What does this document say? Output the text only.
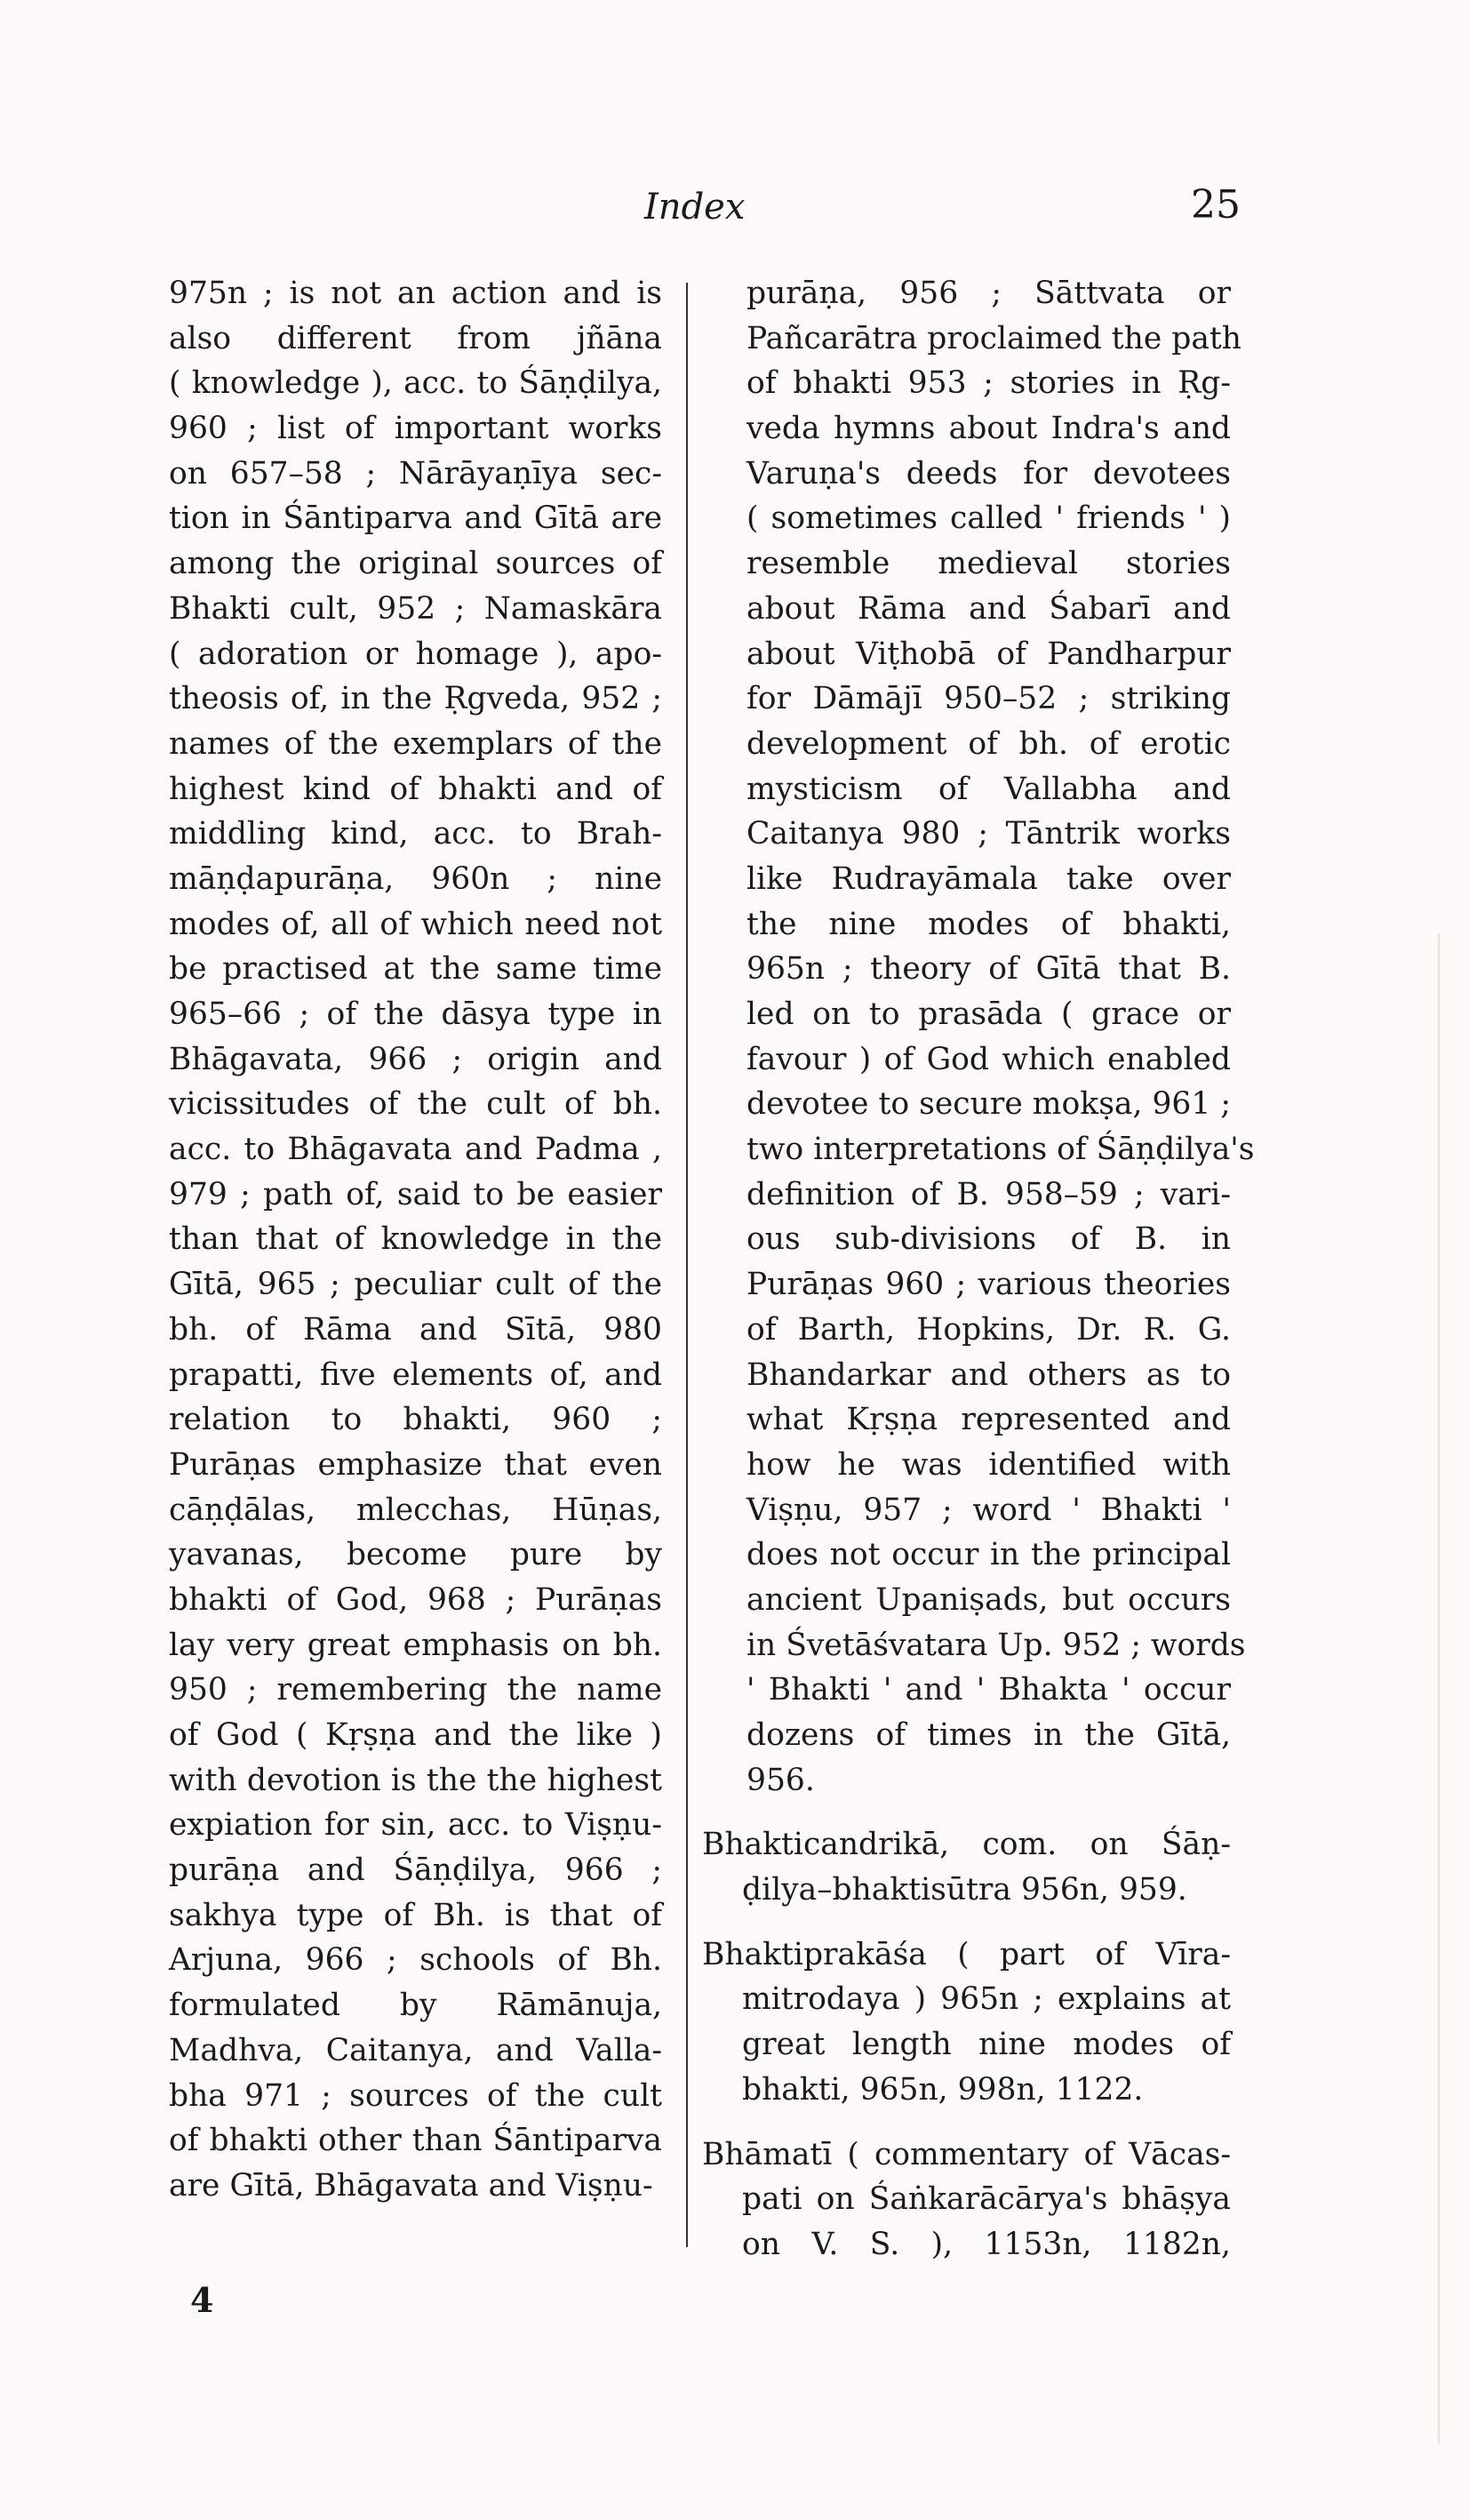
Index	25
975n ; is not an action and is
also different from jñāna
( knowledge ), acc. to Śāṇḍilya,
960 ; list of important works
on 657–58 ; Nārāyaṇīya sec-
tion in Śāntiparva and Gītā are
among the original sources of
Bhakti cult, 952 ; Namaskāra
( adoration or homage ), apo-
theosis of, in the Ṛgveda, 952 ;
names of the exemplars of the
highest kind of bhakti and of
middling kind, acc. to Brah-
māṇḍapurāṇa, 960n ; nine
modes of, all of which need not
be practised at the same time
965–66 ; of the dāsya type in
Bhāgavata, 966 ; origin and
vicissitudes of the cult of bh.
acc. to Bhāgavata and Padma ,
979 ; path of, said to be easier
than that of knowledge in the
Gītā, 965 ; peculiar cult of the
bh. of Rāma and Sītā, 980
prapatti, five elements of, and
relation to bhakti, 960 ;
Purāṇas emphasize that even
cāṇḍālas, mlecchas, Hūṇas,
yavanas, become pure by
bhakti of God, 968 ; Purāṇas
lay very great emphasis on bh.
950 ; remembering the name
of God ( Kṛṣṇa and the like )
with devotion is the the highest
expiation for sin, acc. to Viṣṇu-
purāṇa and Śāṇḍilya, 966 ;
sakhya type of Bh. is that of
Arjuna, 966 ; schools of Bh.
formulated by Rāmānuja,
Madhva, Caitanya, and Valla-
bha 971 ; sources of the cult
of bhakti other than Śāntiparva
are Gītā, Bhāgavata and Viṣṇu-
purāṇa, 956 ; Sāttvata or
Pañcarātra proclaimed the path
of bhakti 953 ; stories in Ṛg-
veda hymns about Indra's and
Varuṇa's deeds for devotees
( sometimes called ' friends ' )
resemble medieval stories
about Rāma and Śabarī and
about Viṭhobā of Pandharpur
for Dāmājī 950–52 ; striking
development of bh. of erotic
mysticism of Vallabha and
Caitanya 980 ; Tāntrik works
like Rudrayāmala take over
the nine modes of bhakti,
965n ; theory of Gītā that B.
led on to prasāda ( grace or
favour ) of God which enabled
devotee to secure mokṣa, 961 ;
two interpretations of Śāṇḍilya's
definition of B. 958–59 ; vari-
ous sub-divisions of B. in
Purāṇas 960 ; various theories
of Barth, Hopkins, Dr. R. G.
Bhandarkar and others as to
what Kṛṣṇa represented and
how he was identified with
Viṣṇu, 957 ; word ' Bhakti '
does not occur in the principal
ancient Upaniṣads, but occurs
in Śvetāśvatara Up. 952 ; words
' Bhakti ' and ' Bhakta ' occur
dozens of times in the Gītā,
956.
Bhakticandrikā, com. on Śāṇ-
ḍilya–bhaktisūtra 956n, 959.
Bhaktiprakāśa ( part of Vīra-
mitrodaya ) 965n ; explains at
great length nine modes of
bhakti, 965n, 998n, 1122.
Bhāmatī ( commentary of Vācas-
pati on Śaṅkarācārya's bhāṣya
on V. S. ), 1153n, 1182n,
4
